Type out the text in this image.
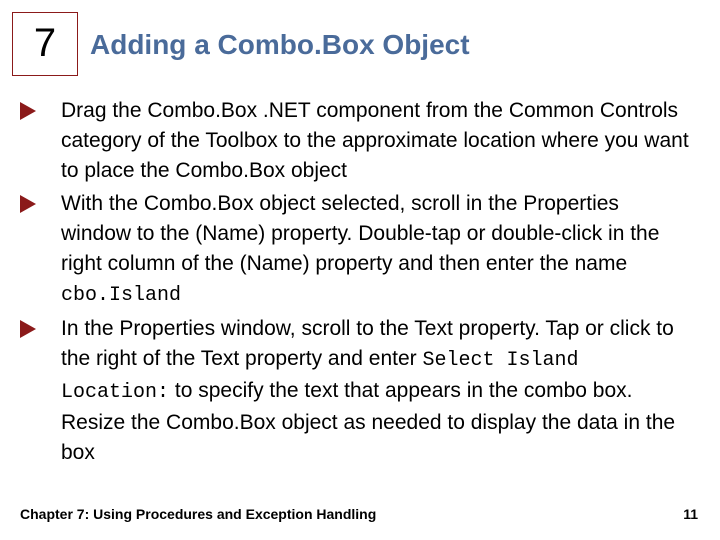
7 Adding a Combo.Box Object
Drag the Combo.Box .NET component from the Common Controls category of the Toolbox to the approximate location where you want to place the Combo.Box object
With the Combo.Box object selected, scroll in the Properties window to the (Name) property. Double-tap or double-click in the right column of the (Name) property and then enter the name cbo.Island
In the Properties window, scroll to the Text property. Tap or click to the right of the Text property and enter Select Island Location: to specify the text that appears in the combo box. Resize the Combo.Box object as needed to display the data in the box
Chapter 7: Using Procedures and Exception Handling	11
